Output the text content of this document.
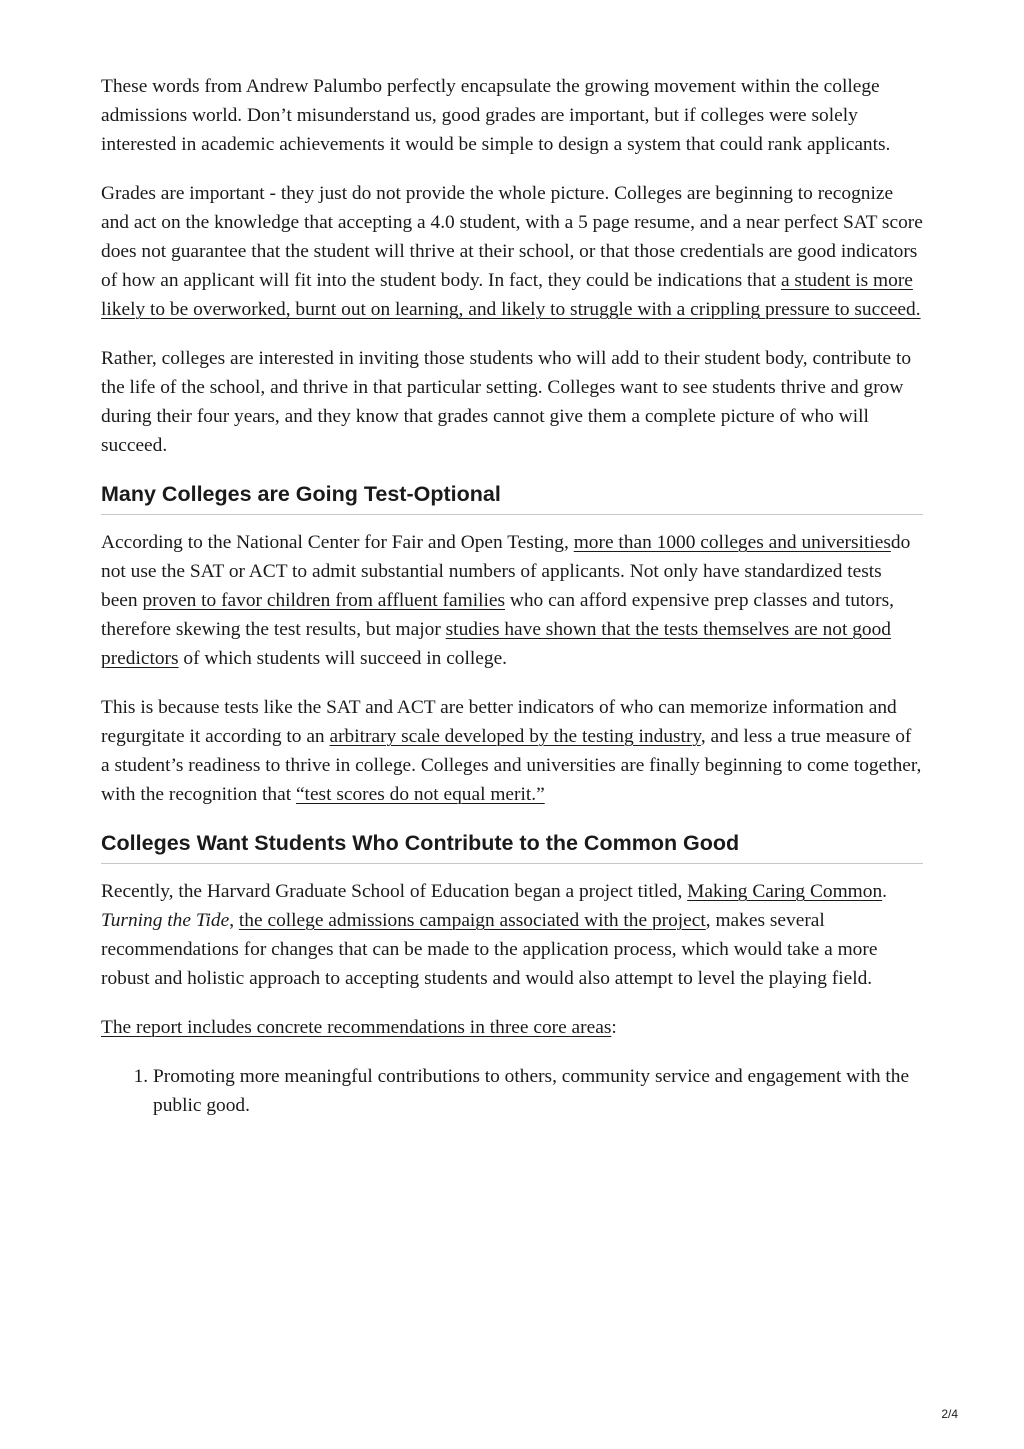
These words from Andrew Palumbo perfectly encapsulate the growing movement within the college admissions world. Don’t misunderstand us, good grades are important, but if colleges were solely interested in academic achievements it would be simple to design a system that could rank applicants.

Grades are important - they just do not provide the whole picture. Colleges are beginning to recognize and act on the knowledge that accepting a 4.0 student, with a 5 page resume, and a near perfect SAT score does not guarantee that the student will thrive at their school, or that those credentials are good indicators of how an applicant will fit into the student body. In fact, they could be indications that a student is more likely to be overworked, burnt out on learning, and likely to struggle with a crippling pressure to succeed.

Rather, colleges are interested in inviting those students who will add to their student body, contribute to the life of the school, and thrive in that particular setting. Colleges want to see students thrive and grow during their four years, and they know that grades cannot give them a complete picture of who will succeed.

Many Colleges are Going Test-Optional

According to the National Center for Fair and Open Testing, more than 1000 colleges and universitiesdo not use the SAT or ACT to admit substantial numbers of applicants. Not only have standardized tests been proven to favor children from affluent families who can afford expensive prep classes and tutors, therefore skewing the test results, but major studies have shown that the tests themselves are not good predictors of which students will succeed in college.

This is because tests like the SAT and ACT are better indicators of who can memorize information and regurgitate it according to an arbitrary scale developed by the testing industry, and less a true measure of a student’s readiness to thrive in college. Colleges and universities are finally beginning to come together, with the recognition that “test scores do not equal merit.”

Colleges Want Students Who Contribute to the Common Good

Recently, the Harvard Graduate School of Education began a project titled, Making Caring Common. Turning the Tide, the college admissions campaign associated with the project, makes several recommendations for changes that can be made to the application process, which would take a more robust and holistic approach to accepting students and would also attempt to level the playing field.

The report includes concrete recommendations in three core areas:

1. Promoting more meaningful contributions to others, community service and engagement with the public good.
2/4
